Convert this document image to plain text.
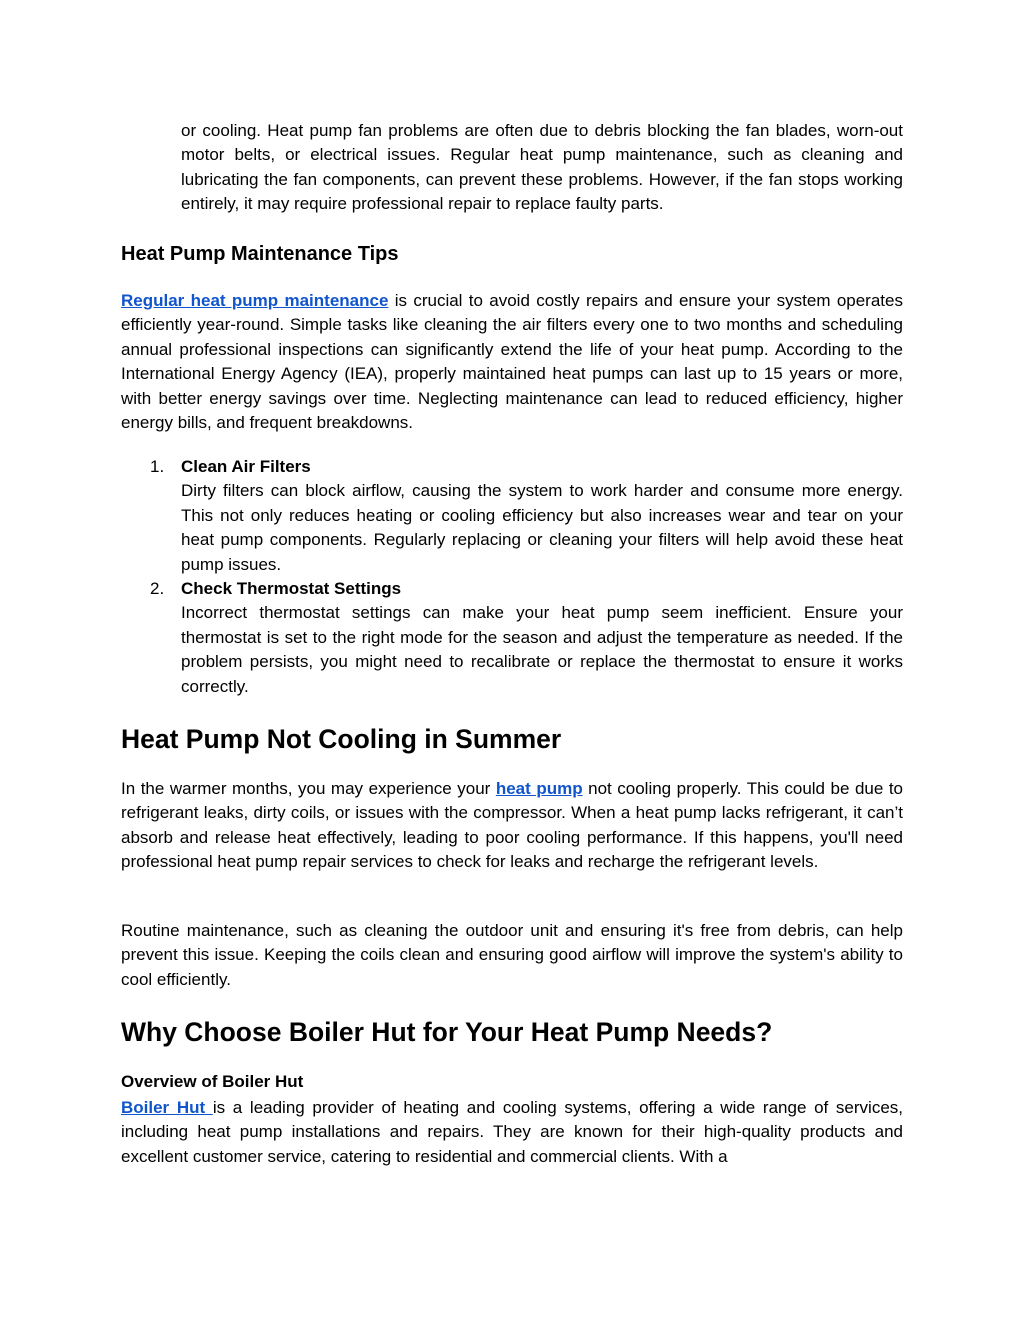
or cooling. Heat pump fan problems are often due to debris blocking the fan blades, worn-out motor belts, or electrical issues. Regular heat pump maintenance, such as cleaning and lubricating the fan components, can prevent these problems. However, if the fan stops working entirely, it may require professional repair to replace faulty parts.

Heat Pump Maintenance Tips

Regular heat pump maintenance is crucial to avoid costly repairs and ensure your system operates efficiently year-round. Simple tasks like cleaning the air filters every one to two months and scheduling annual professional inspections can significantly extend the life of your heat pump. According to the International Energy Agency (IEA), properly maintained heat pumps can last up to 15 years or more, with better energy savings over time. Neglecting maintenance can lead to reduced efficiency, higher energy bills, and frequent breakdowns.

1. Clean Air Filters
Dirty filters can block airflow, causing the system to work harder and consume more energy. This not only reduces heating or cooling efficiency but also increases wear and tear on your heat pump components. Regularly replacing or cleaning your filters will help avoid these heat pump issues.
2. Check Thermostat Settings
Incorrect thermostat settings can make your heat pump seem inefficient. Ensure your thermostat is set to the right mode for the season and adjust the temperature as needed. If the problem persists, you might need to recalibrate or replace the thermostat to ensure it works correctly.
Heat Pump Not Cooling in Summer

In the warmer months, you may experience your heat pump not cooling properly. This could be due to refrigerant leaks, dirty coils, or issues with the compressor. When a heat pump lacks refrigerant, it can’t absorb and release heat effectively, leading to poor cooling performance. If this happens, you'll need professional heat pump repair services to check for leaks and recharge the refrigerant levels.

Routine maintenance, such as cleaning the outdoor unit and ensuring it's free from debris, can help prevent this issue. Keeping the coils clean and ensuring good airflow will improve the system's ability to cool efficiently.

Why Choose Boiler Hut for Your Heat Pump Needs?
Overview of Boiler Hut

Boiler Hut is a leading provider of heating and cooling systems, offering a wide range of services, including heat pump installations and repairs. They are known for their high-quality products and excellent customer service, catering to residential and commercial clients. With a
